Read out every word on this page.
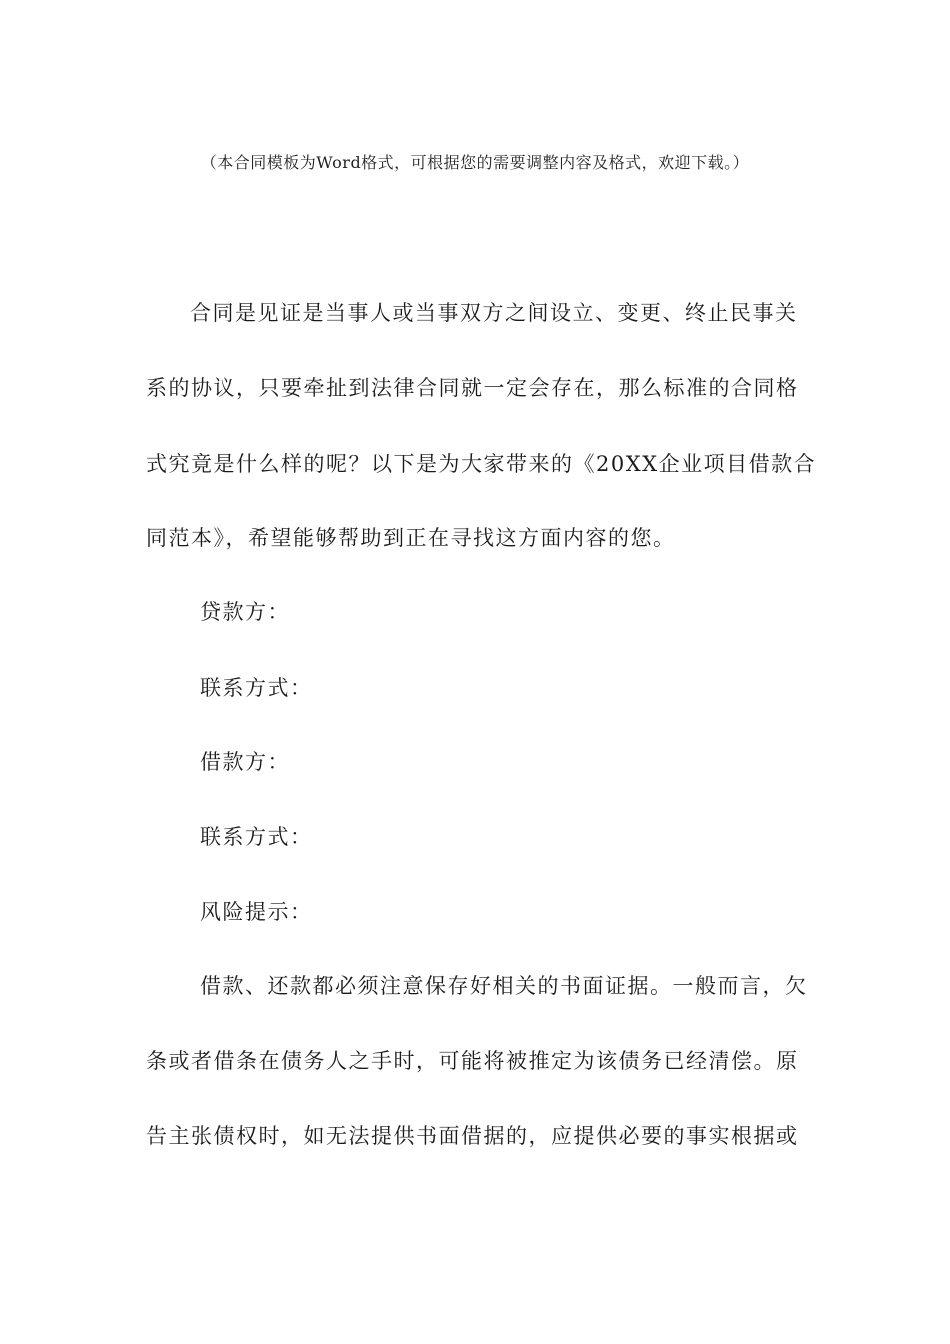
（本合同模板为Word格式，可根据您的需要调整内容及格式，欢迎下载。）
合同是见证是当事人或当事双方之间设立、变更、终止民事关
系的协议，只要牵扯到法律合同就一定会存在，那么标准的合同格
式究竟是什么样的呢？以下是为大家带来的《20XX企业项目借款合
同范本》，希望能够帮助到正在寻找这方面内容的您。
贷款方：
联系方式：
借款方：
联系方式：
风险提示：
借款、还款都必须注意保存好相关的书面证据。一般而言，欠
条或者借条在债务人之手时，可能将被推定为该债务已经清偿。原
告主张债权时，如无法提供书面借据的，应提供必要的事实根据或
